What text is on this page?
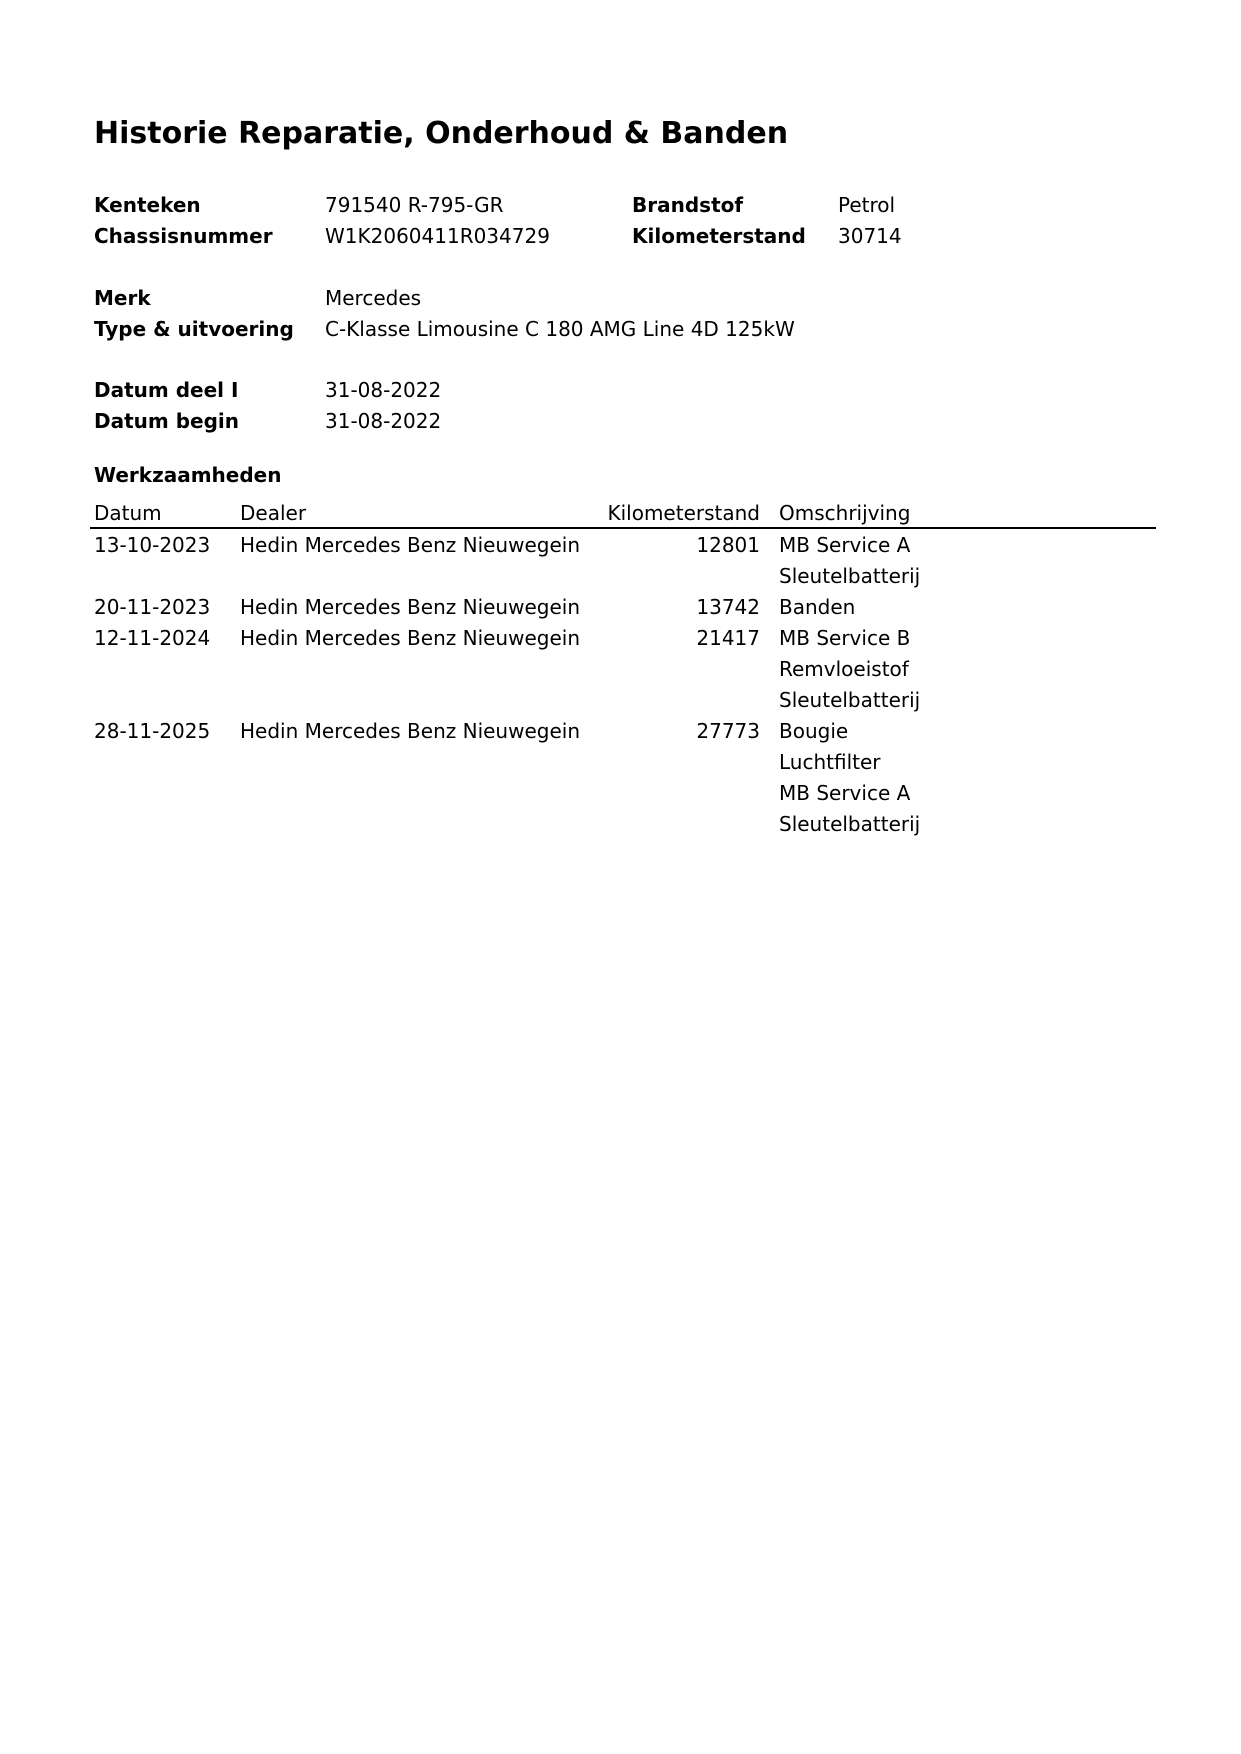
Historie Reparatie, Onderhoud & Banden
Kenteken	791540 R-795-GR	Brandstof	Petrol
Chassisnummer	W1K2060411R034729	Kilometerstand 30714
Merk	Mercedes
Type & uitvoering C-Klasse Limousine C 180 AMG Line 4D 125kW
Datum deel I	31-08-2022
Datum begin	31-08-2022
Werkzaamheden
Datum	Dealer	Kilometerstand Omschrijving
13-10-2023 Hedin Mercedes Benz Nieuwegein	12801 MB Service A
Sleutelbatterij
20-11-2023 Hedin Mercedes Benz Nieuwegein	13742 Banden
12-11-2024 Hedin Mercedes Benz Nieuwegein	21417 MB Service B
Remvloeistof
Sleutelbatterij
28-11-2025 Hedin Mercedes Benz Nieuwegein	27773 Bougie
Luchtfilter
MB Service A
Sleutelbatterij
